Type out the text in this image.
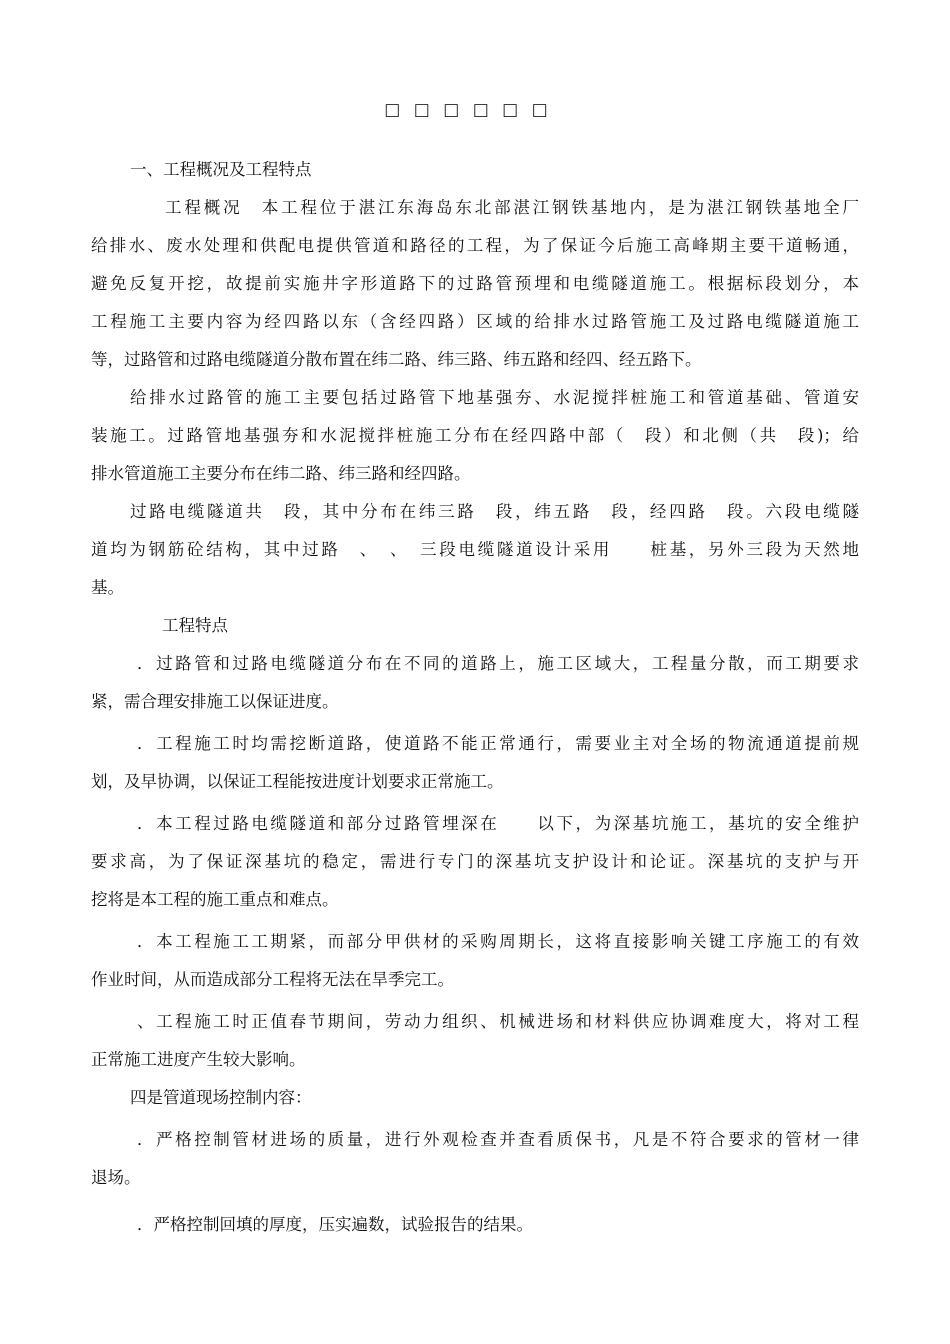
□ □ □ □ □ □
一、工程概况及工程特点
工程概况　本工程位于湛江东海岛东北部湛江钢铁基地内，是为湛江钢铁基地全厂
给排水、废水处理和供配电提供管道和路径的工程，为了保证今后施工高峰期主要干道畅通，
避免反复开挖，故提前实施井字形道路下的过路管预埋和电缆隧道施工。根据标段划分，本
工程施工主要内容为经四路以东（含经四路）区域的给排水过路管施工及过路电缆隧道施工
等，过路管和过路电缆隧道分散布置在纬二路、纬三路、纬五路和经四、经五路下。
给排水过路管的施工主要包括过路管下地基强夯、水泥搅拌桩施工和管道基础、管道安
装施工。过路管地基强夯和水泥搅拌桩施工分布在经四路中部（　段）和北侧（共　段)；给
排水管道施工主要分布在纬二路、纬三路和经四路。
过路电缆隧道共　段，其中分布在纬三路　段，纬五路　段，经四路　段。六段电缆隧
道均为钢筋砼结构，其中过路　、　、　三段电缆隧道设计采用　　桩基，另外三段为天然地
基。
工程特点
．过路管和过路电缆隧道分布在不同的道路上，施工区域大，工程量分散，而工期要求
紧，需合理安排施工以保证进度。
．工程施工时均需挖断道路，使道路不能正常通行，需要业主对全场的物流通道提前规
划，及早协调，以保证工程能按进度计划要求正常施工。
．本工程过路电缆隧道和部分过路管埋深在　　以下，为深基坑施工，基坑的安全维护
要求高，为了保证深基坑的稳定，需进行专门的深基坑支护设计和论证。深基坑的支护与开
挖将是本工程的施工重点和难点。
．本工程施工工期紧，而部分甲供材的采购周期长，这将直接影响关键工序施工的有效
作业时间，从而造成部分工程将无法在旱季完工。
、工程施工时正值春节期间，劳动力组织、机械进场和材料供应协调难度大，将对工程
正常施工进度产生较大影响。
四是管道现场控制内容：
．严格控制管材进场的质量，进行外观检查并查看质保书，凡是不符合要求的管材一律
退场。
．严格控制回填的厚度，压实遍数，试验报告的结果。
